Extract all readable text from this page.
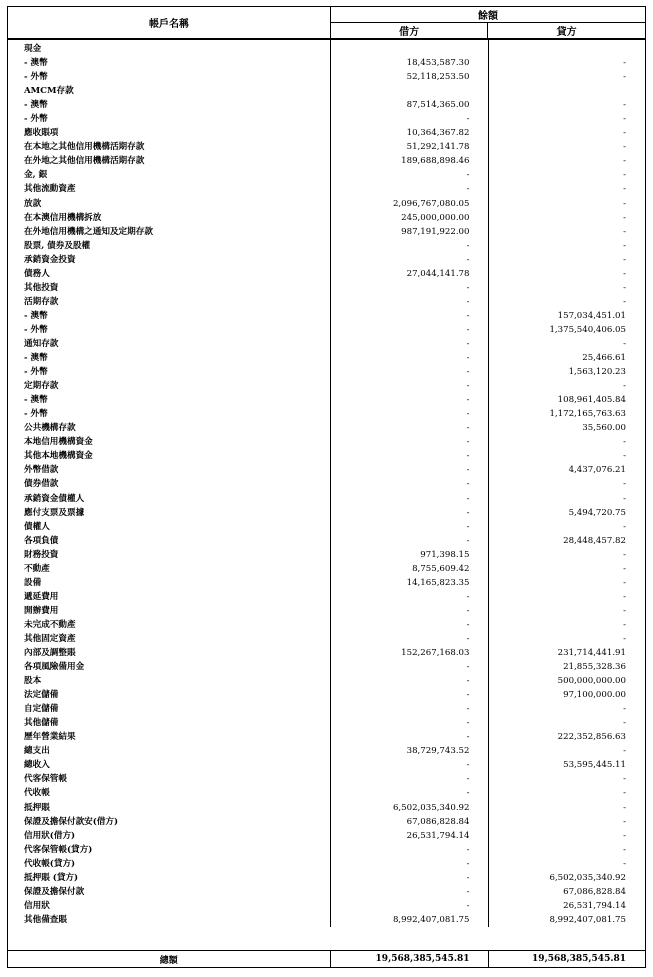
帳戶名稱	餘額	
	借方	貸方
現金		
- 澳幣	18,453,587.30	-
- 外幣	52,118,253.50	-
AMCM存款		
- 澳幣	87,514,365.00	-
- 外幣	-	-
應收賬項	10,364,367.82	-
在本地之其他信用機構活期存款	51,292,141.78	-
在外地之其他信用機構活期存款	189,688,898.46	-
金, 銀	-	-
其他流動資產	-	-
放款	2,096,767,080.05	-
在本澳信用機構拆放	245,000,000.00	-
在外地信用機構之通知及定期存款	987,191,922.00	-
股票, 債券及股權	-	-
承銷資金投資	-	-
債務人	27,044,141.78	-
其他投資	-	-
活期存款	-	-
- 澳幣	-	157,034,451.01
- 外幣	-	1,375,540,406.05
通知存款	-	-
- 澳幣	-	25,466.61
- 外幣	-	1,563,120.23
定期存款	-	-
- 澳幣	-	108,961,405.84
- 外幣	-	1,172,165,763.63
公共機構存款	-	35,560.00
本地信用機構資金	-	-
其他本地機構資金	-	-
外幣借款	-	4,437,076.21
債券借款	-	-
承銷資金債權人	-	-
應付支票及票據	-	5,494,720.75
債權人	-	-
各項負債	-	28,448,457.82
財務投資	971,398.15	-
不動產	8,755,609.42	-
設備	14,165,823.35	-
遞延費用	-	-
開辦費用	-	-
未完成不動產	-	-
其他固定資產	-	-
內部及調整賬	152,267,168.03	231,714,441.91
各項風險備用金	-	21,855,328.36
股本	-	500,000,000.00
法定儲備	-	97,100,000.00
自定儲備	-	-
其他儲備	-	-
歷年營業結果	-	222,352,856.63
總支出	38,729,743.52	-
總收入	-	53,595,445.11
代客保管帳	-	-
代收帳	-	-
抵押賬	6,502,035,340.92	-
保證及擔保付款安(借方)	67,086,828.84	-
信用狀(借方)	26,531,794.14	-
代客保管帳(貸方)	-	-
代收帳(貸方)	-	-
抵押賬 (貸方)	-	6,502,035,340.92
保證及擔保付款	-	67,086,828.84
信用狀	-	26,531,794.14
其他備查賬	8,992,407,081.75	8,992,407,081.75
總額	19,568,385,545.81	19,568,385,545.81
